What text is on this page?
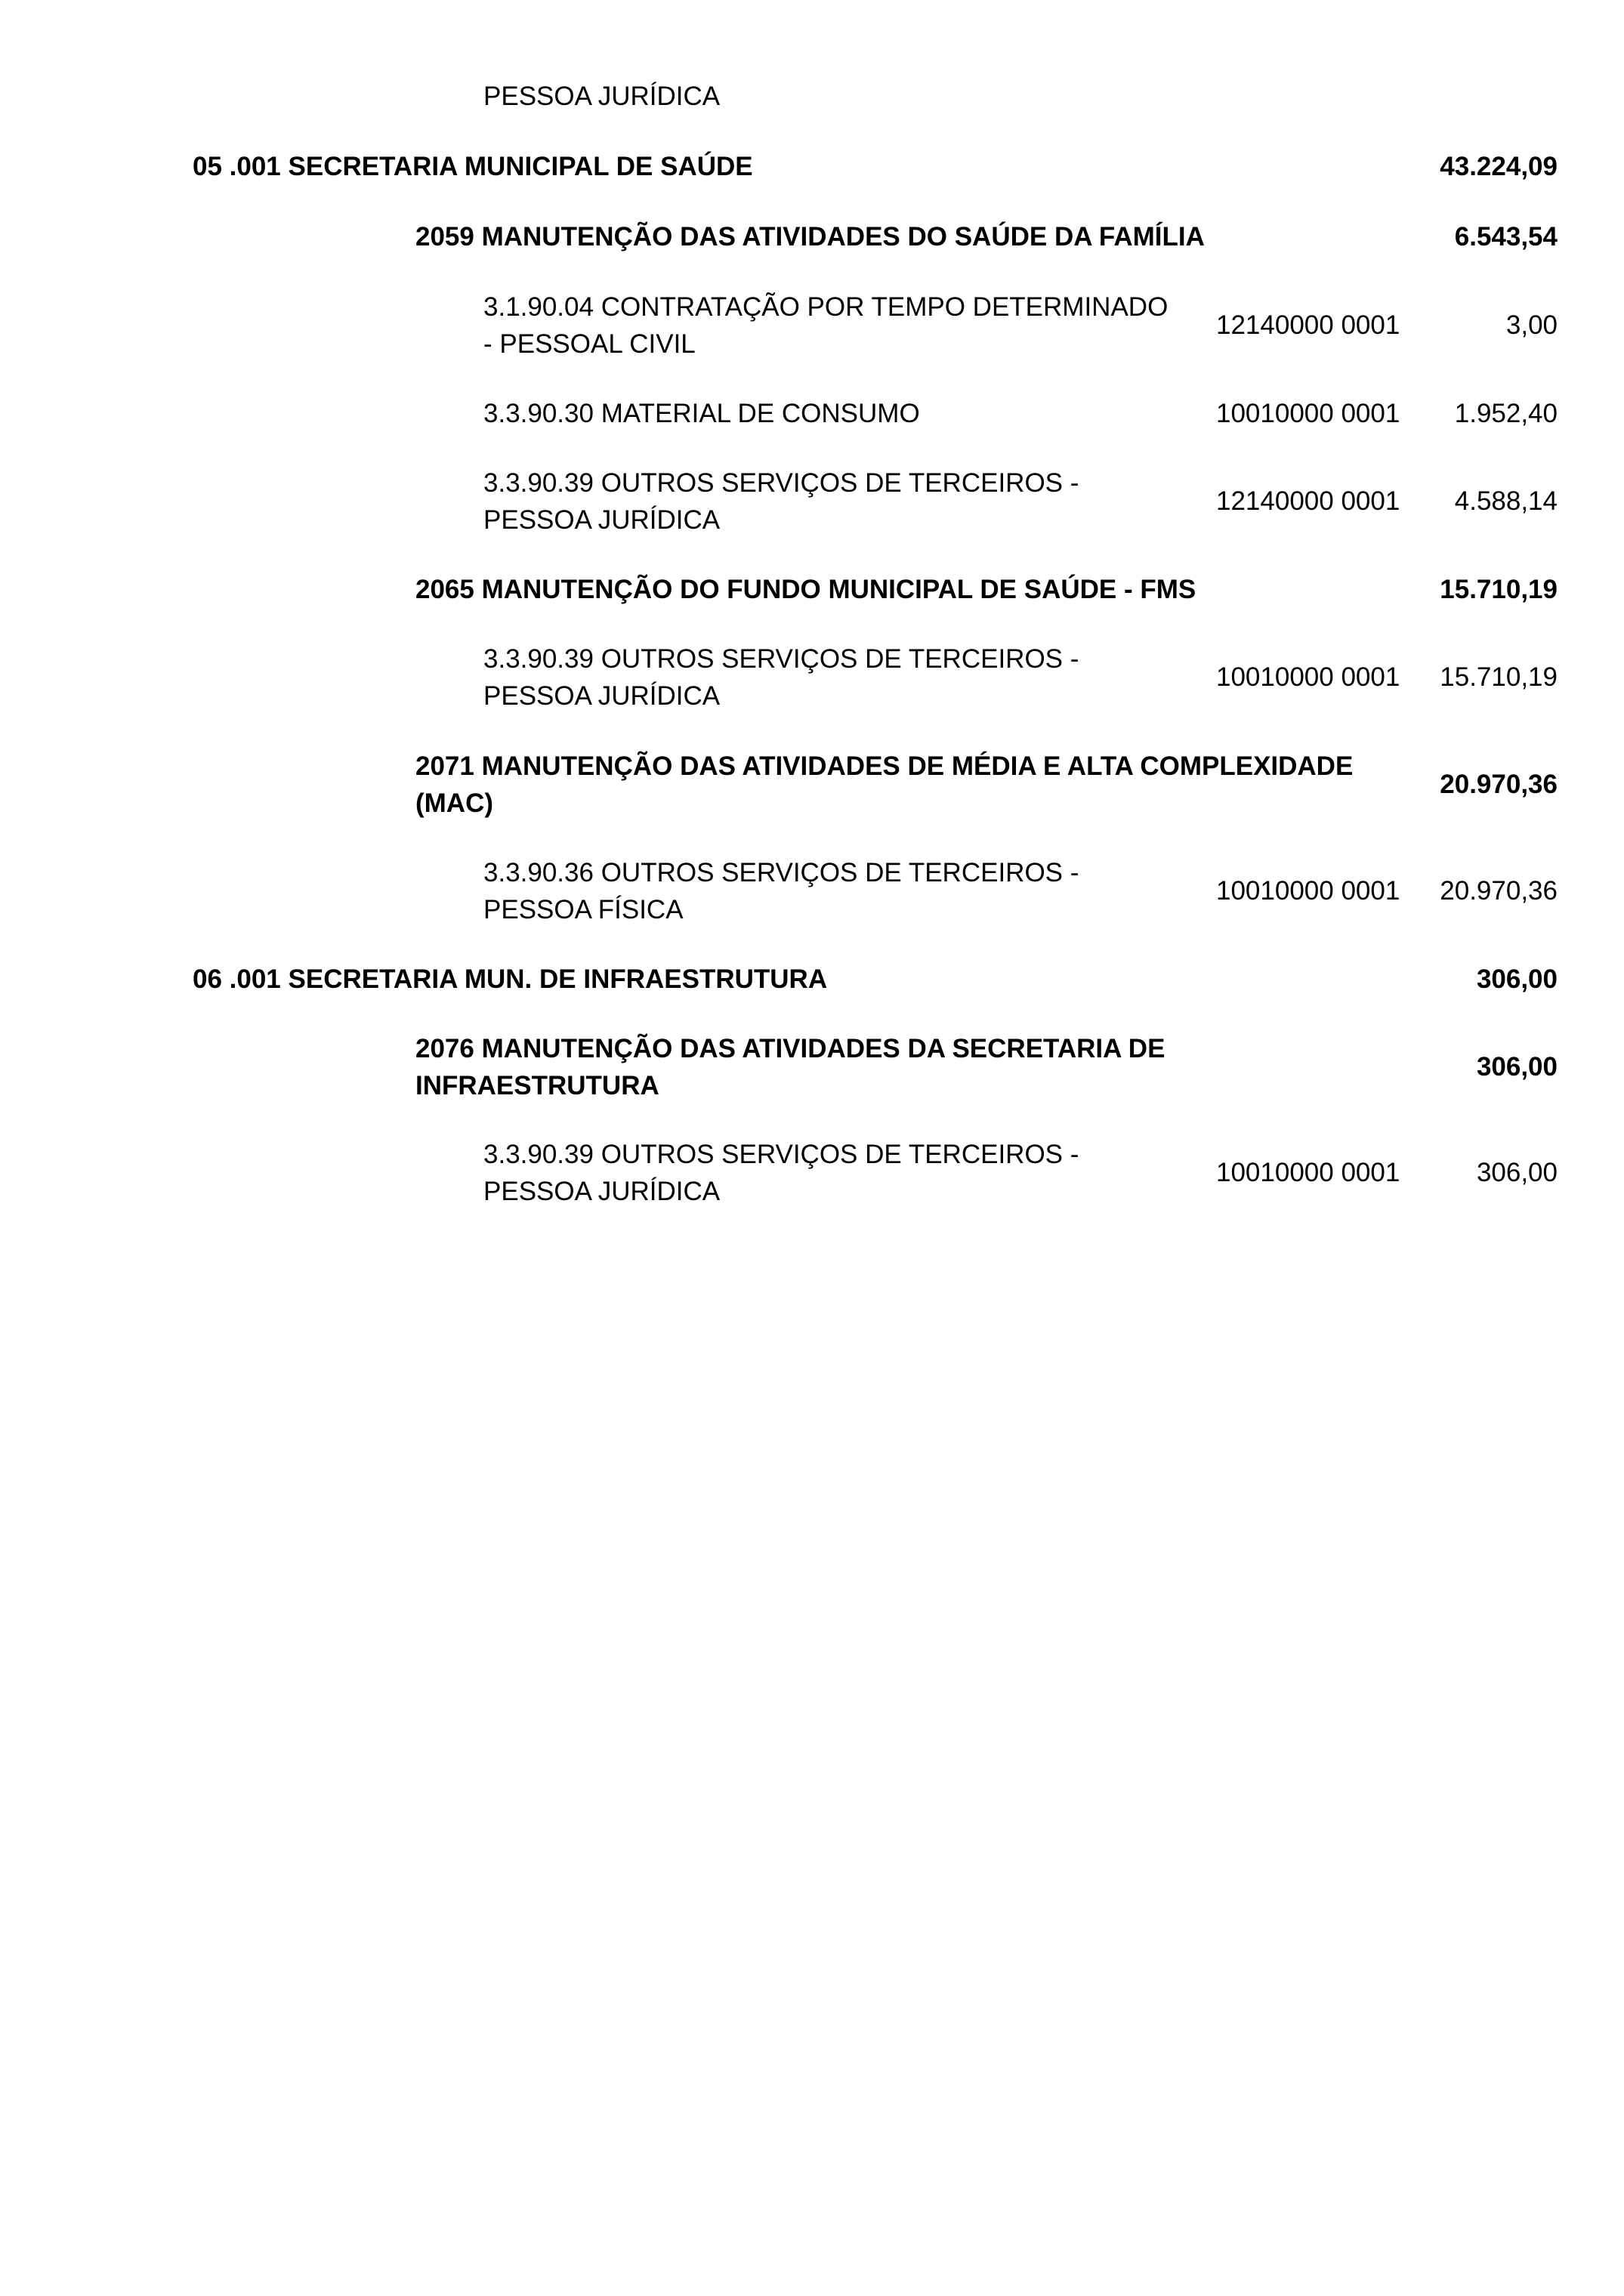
PESSOA JURÍDICA
05 .001 SECRETARIA MUNICIPAL DE SAÚDE	43.224,09
2059 MANUTENÇÃO DAS ATIVIDADES DO SAÚDE DA FAMÍLIA	6.543,54
3.1.90.04 CONTRATAÇÃO POR TEMPO DETERMINADO
- PESSOAL CIVIL
12140000 0001	3,00
3.3.90.30 MATERIAL DE CONSUMO	10010000 0001	1.952,40
3.3.90.39 OUTROS SERVIÇOS DE TERCEIROS -
PESSOA JURÍDICA
12140000 0001	4.588,14
2065 MANUTENÇÃO DO FUNDO MUNICIPAL DE SAÚDE - FMS	15.710,19
3.3.90.39 OUTROS SERVIÇOS DE TERCEIROS -
PESSOA JURÍDICA
10010000 0001	15.710,19
2071 MANUTENÇÃO DAS ATIVIDADES DE MÉDIA E ALTA COMPLEXIDADE
(MAC)
20.970,36
3.3.90.36 OUTROS SERVIÇOS DE TERCEIROS -
PESSOA FÍSICA
10010000 0001	20.970,36
06 .001 SECRETARIA MUN. DE INFRAESTRUTURA	306,00
2076 MANUTENÇÃO DAS ATIVIDADES DA SECRETARIA DE
INFRAESTRUTURA
306,00
3.3.90.39 OUTROS SERVIÇOS DE TERCEIROS -
PESSOA JURÍDICA
10010000 0001	306,00
